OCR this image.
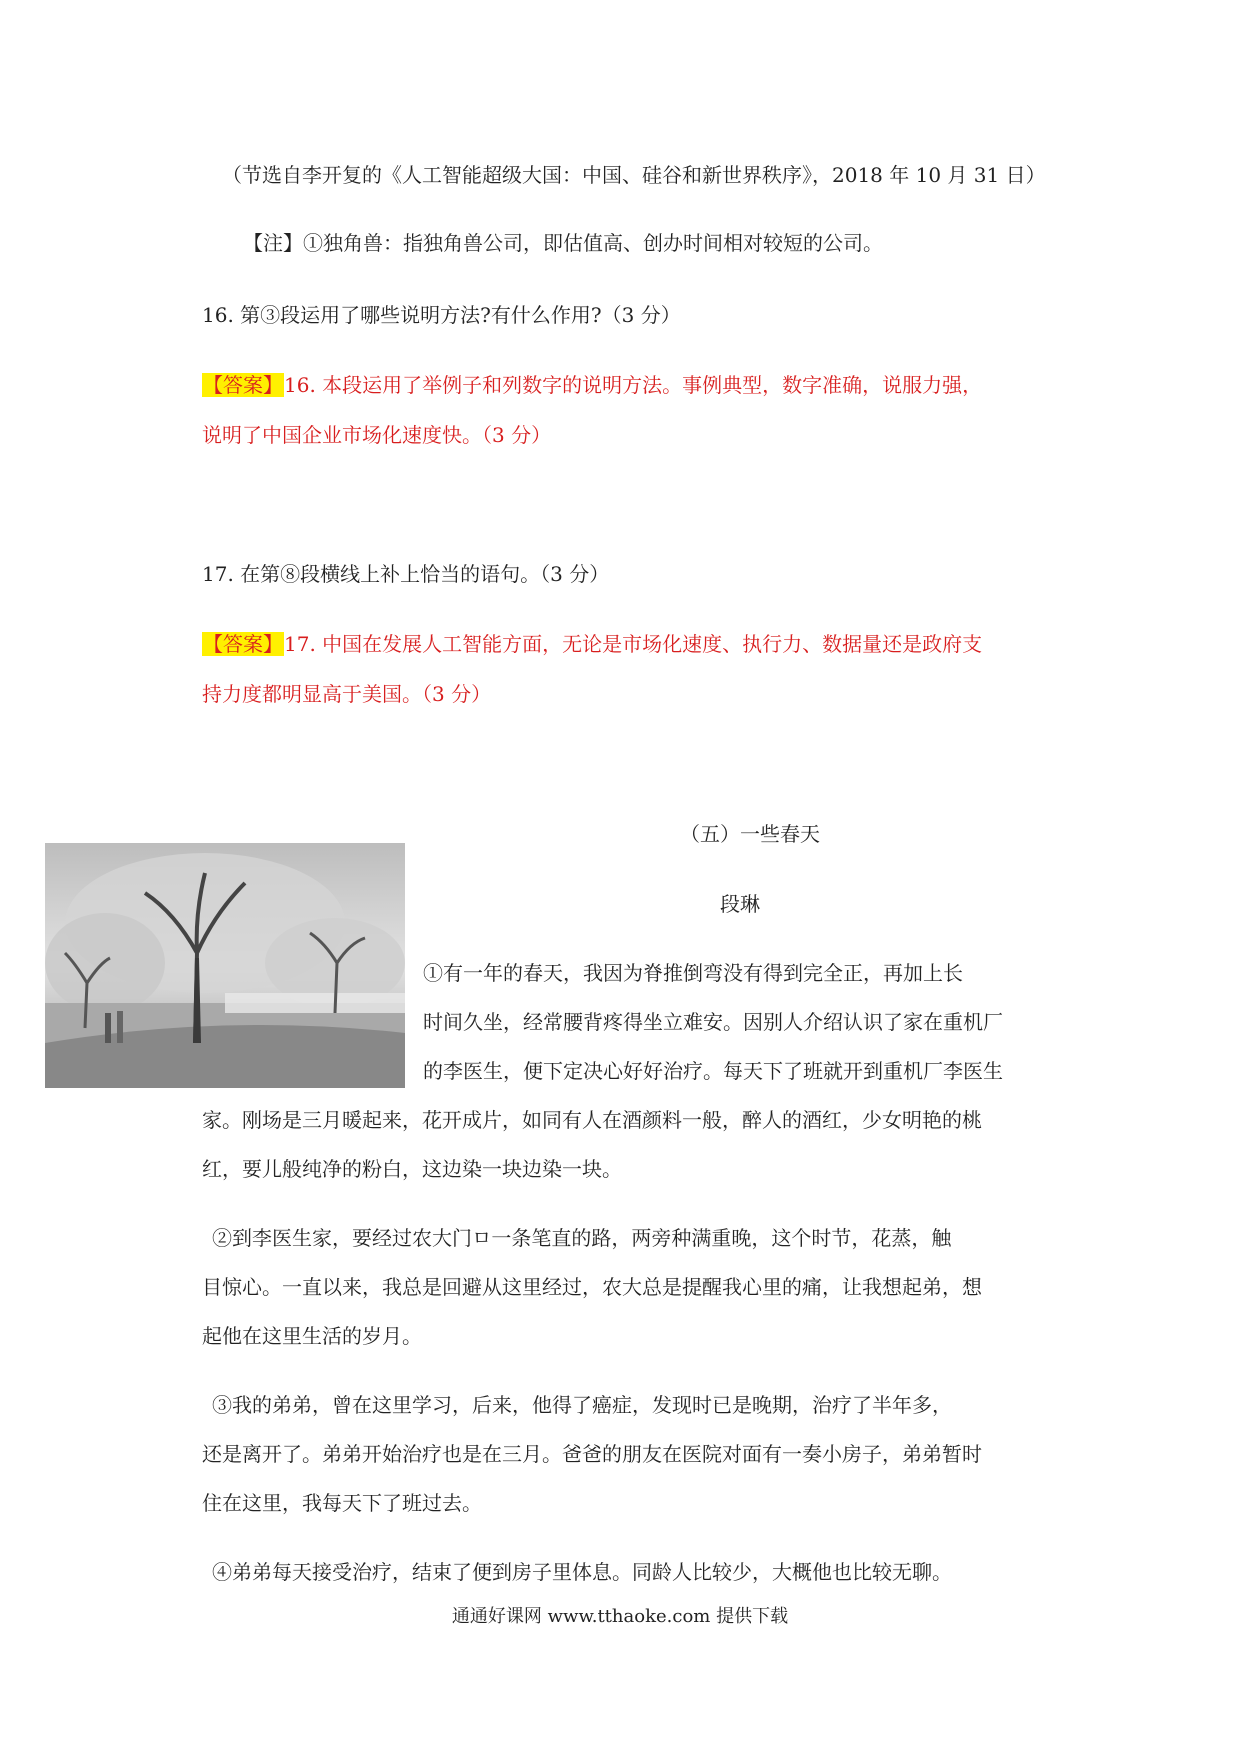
（节选自李开复的《人工智能超级大国：中国、硅谷和新世界秩序》，2018 年 10 月 31 日）
【注】①独角兽：指独角兽公司，即估值高、创办时间相对较短的公司。
16. 第③段运用了哪些说明方法?有什么作用?（3 分）
【答案】16. 本段运用了举例子和列数字的说明方法。事例典型，数字准确，说服力强，
说明了中国企业市场化速度快。（3 分）
17. 在第⑧段横线上补上恰当的语句。（3 分）
【答案】17. 中国在发展人工智能方面，无论是市场化速度、执行力、数据量还是政府支
持力度都明显高于美国。（3 分）
（五）一些春天
段琳
①有一年的春天，我因为脊推倒弯没有得到完全正，再加上长
时间久坐，经常腰背疼得坐立难安。因别人介绍认识了家在重机厂
的李医生，便下定决心好好治疗。每天下了班就开到重机厂李医生
家。刚场是三月暖起来，花开成片，如同有人在酒颜料一般，醉人的酒红，少女明艳的桃
红，要儿般纯净的粉白，这边染一块边染一块。
②到李医生家，要经过农大门ㅁ一条笔直的路，两旁种满重晚，这个时节，花蒸，触
目惊心。一直以来，我总是回避从这里经过，农大总是提醒我心里的痛，让我想起弟，想
起他在这里生活的岁月。
③我的弟弟，曾在这里学习，后来，他得了癌症，发现时已是晚期，治疗了半年多，
还是离开了。弟弟开始治疗也是在三月。爸爸的朋友在医院对面有一奏小房子，弟弟暂时
住在这里，我每天下了班过去。
④弟弟每天接受治疗，结束了便到房子里体息。同龄人比较少，大概他也比较无聊。
通通好课网 www.tthaoke.com 提供下载
